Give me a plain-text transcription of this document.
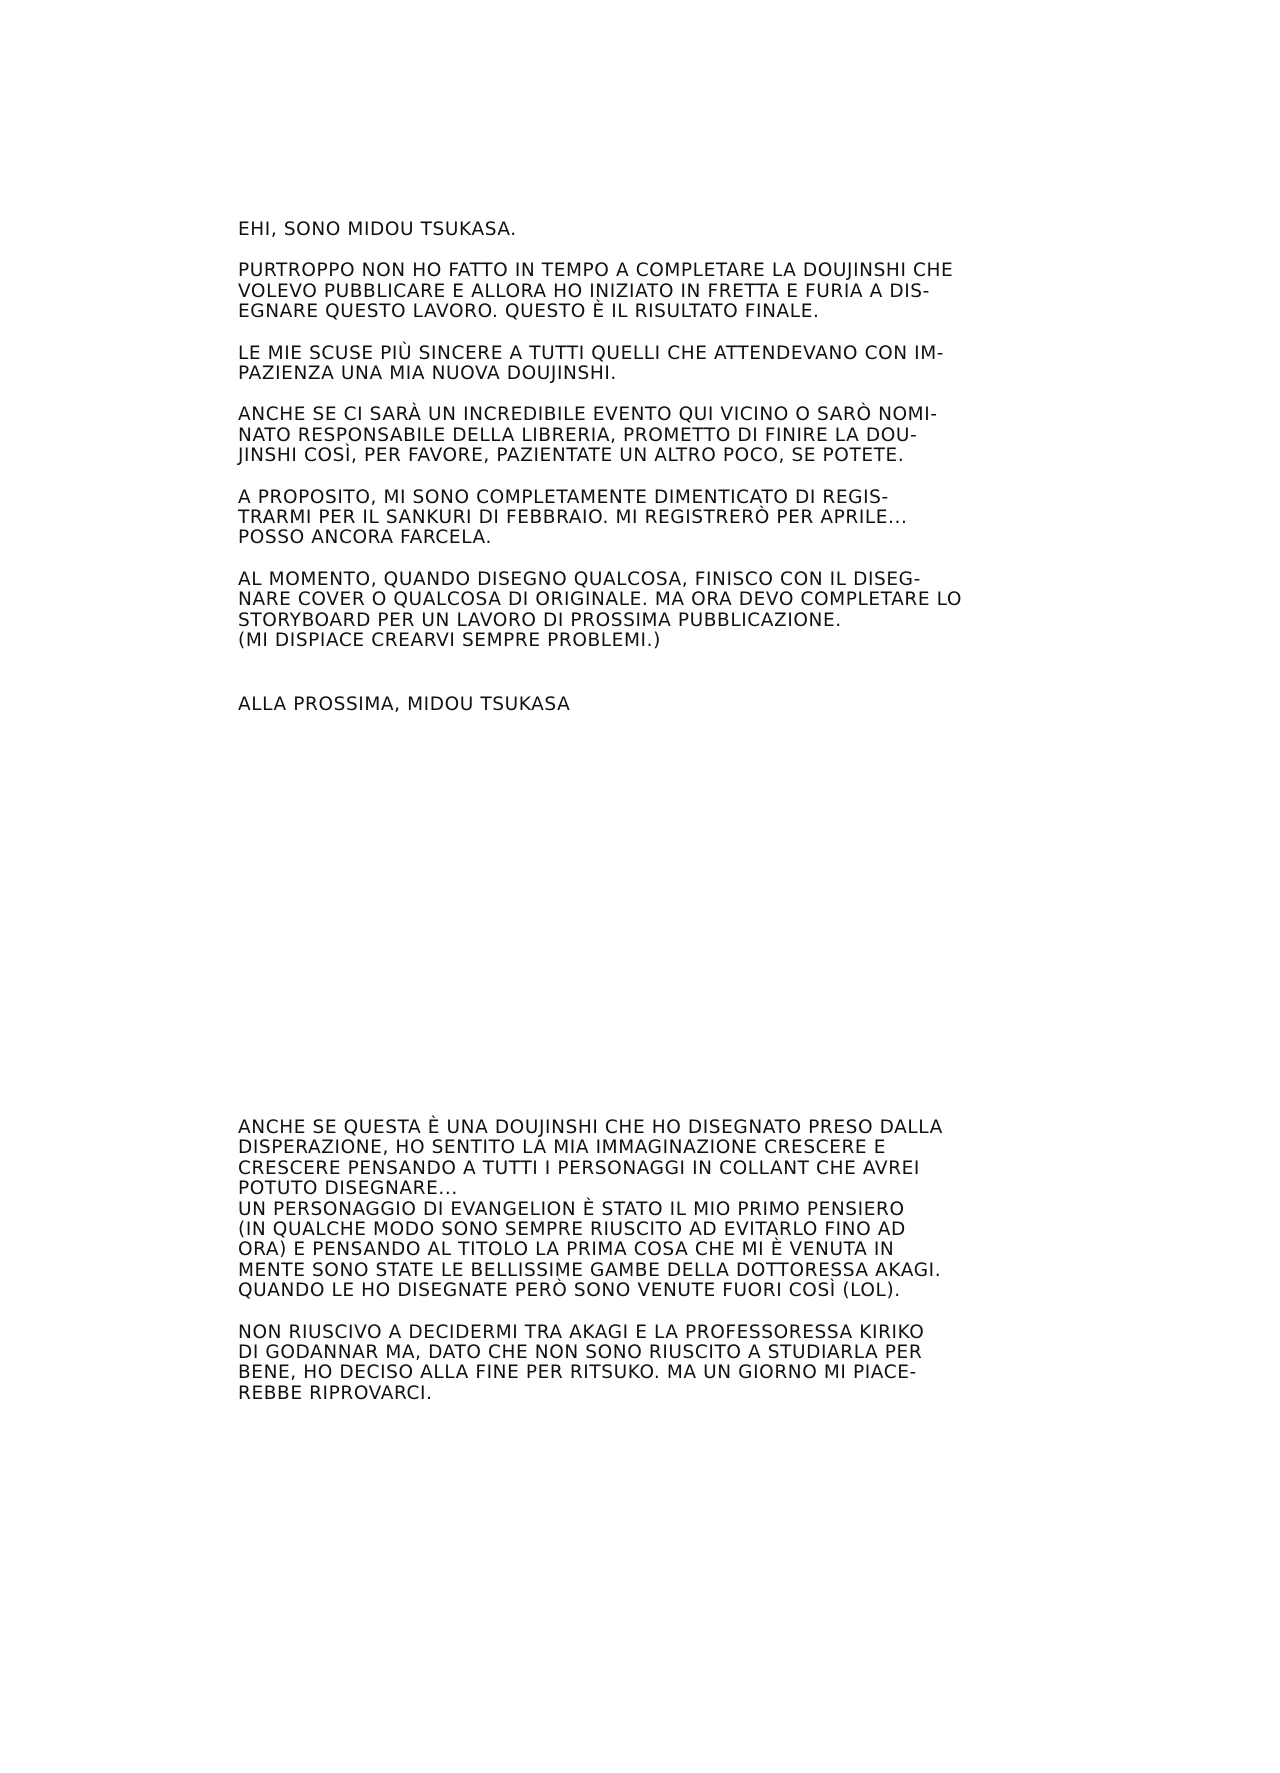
EHI, SONO MIDOU TSUKASA.

PURTROPPO NON HO FATTO IN TEMPO A COMPLETARE LA DOUJINSHI CHE
VOLEVO PUBBLICARE E ALLORA HO INIZIATO IN FRETTA E FURIA A DIS-
EGNARE QUESTO LAVORO. QUESTO È IL RISULTATO FINALE.

LE MIE SCUSE PIÙ SINCERE A TUTTI QUELLI CHE ATTENDEVANO CON IM-
PAZIENZA UNA MIA NUOVA DOUJINSHI.

ANCHE SE CI SARÀ UN INCREDIBILE EVENTO QUI VICINO O SARÒ NOMI-
NATO RESPONSABILE DELLA LIBRERIA, PROMETTO DI FINIRE LA DOU-
JINSHI COSÌ, PER FAVORE, PAZIENTATE UN ALTRO POCO, SE POTETE.

A PROPOSITO, MI SONO COMPLETAMENTE DIMENTICATO DI REGIS-
TRARMI PER IL SANKURI DI FEBBRAIO. MI REGISTRERÒ PER APRILE...
POSSO ANCORA FARCELA.

AL MOMENTO, QUANDO DISEGNO QUALCOSA, FINISCO CON IL DISEG-
NARE COVER O QUALCOSA DI ORIGINALE. MA ORA DEVO COMPLETARE LO
STORYBOARD PER UN LAVORO DI PROSSIMA PUBBLICAZIONE.
(MI DISPIACE CREARVI SEMPRE PROBLEMI.)

ALLA PROSSIMA, MIDOU TSUKASA

ANCHE SE QUESTA È UNA DOUJINSHI CHE HO DISEGNATO PRESO DALLA
DISPERAZIONE, HO SENTITO LA MIA IMMAGINAZIONE CRESCERE E
CRESCERE PENSANDO A TUTTI I PERSONAGGI IN COLLANT CHE AVREI
POTUTO DISEGNARE...
UN PERSONAGGIO DI EVANGELION È STATO IL MIO PRIMO PENSIERO
(IN QUALCHE MODO SONO SEMPRE RIUSCITO AD EVITARLO FINO AD
ORA) E PENSANDO AL TITOLO LA PRIMA COSA CHE MI È VENUTA IN
MENTE SONO STATE LE BELLISSIME GAMBE DELLA DOTTORESSA AKAGI.
QUANDO LE HO DISEGNATE PERÒ SONO VENUTE FUORI COSÌ (LOL).

NON RIUSCIVO A DECIDERMI TRA AKAGI E LA PROFESSORESSA KIRIKO
DI GODANNAR MA, DATO CHE NON SONO RIUSCITO A STUDIARLA PER
BENE, HO DECISO ALLA FINE PER RITSUKO. MA UN GIORNO MI PIACE-
REBBE RIPROVARCI.
